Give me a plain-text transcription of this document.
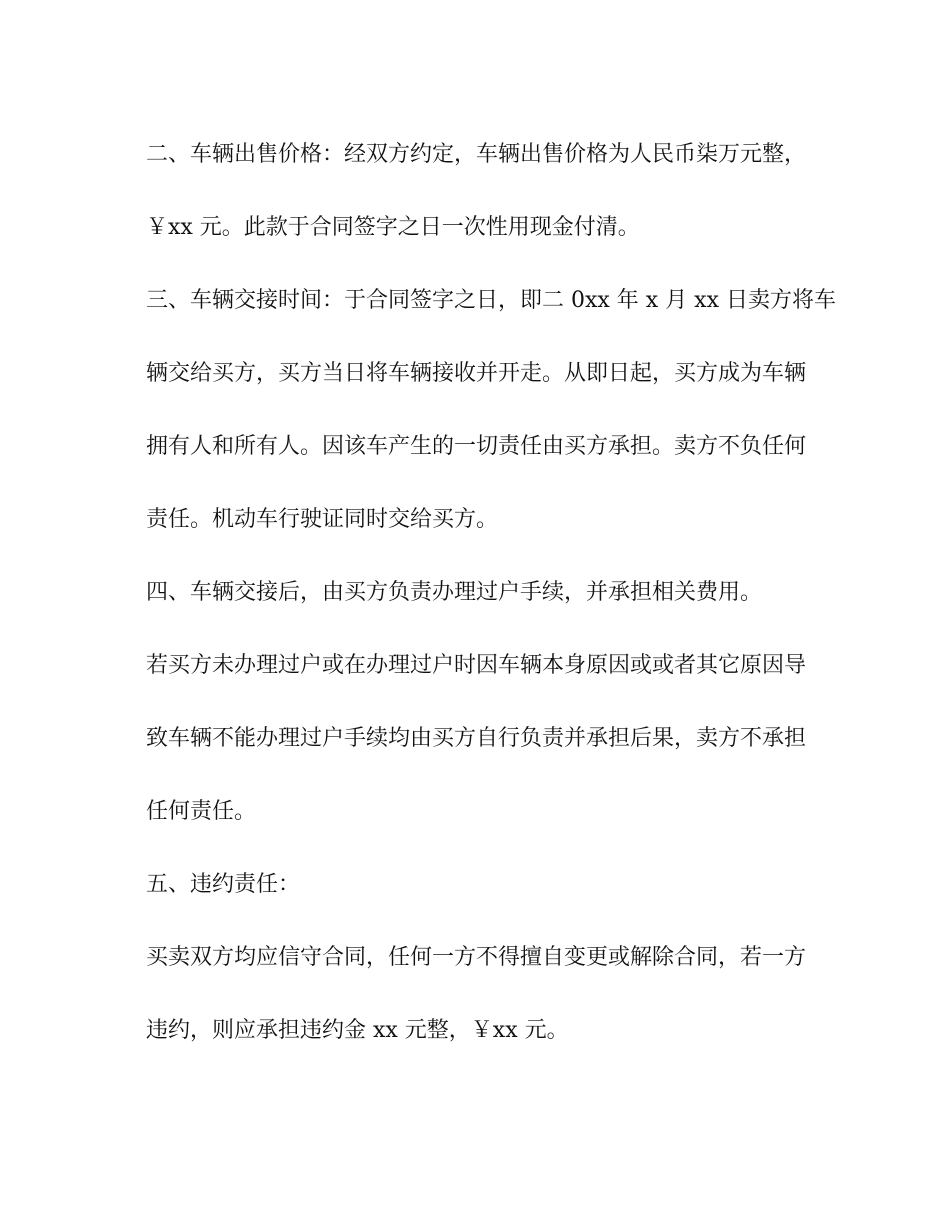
二、车辆出售价格：经双方约定，车辆出售价格为人民币柒万元整，

￥xx 元。此款于合同签字之日一次性用现金付清。

三、车辆交接时间：于合同签字之日，即二 0xx 年 x 月 xx 日卖方将车

辆交给买方，买方当日将车辆接收并开走。从即日起，买方成为车辆

拥有人和所有人。因该车产生的一切责任由买方承担。卖方不负任何

责任。机动车行驶证同时交给买方。

四、车辆交接后，由买方负责办理过户手续，并承担相关费用。

若买方未办理过户或在办理过户时因车辆本身原因或或者其它原因导

致车辆不能办理过户手续均由买方自行负责并承担后果，卖方不承担

任何责任。

五、违约责任：

买卖双方均应信守合同，任何一方不得擅自变更或解除合同，若一方

违约，则应承担违约金 xx 元整，￥xx 元。
